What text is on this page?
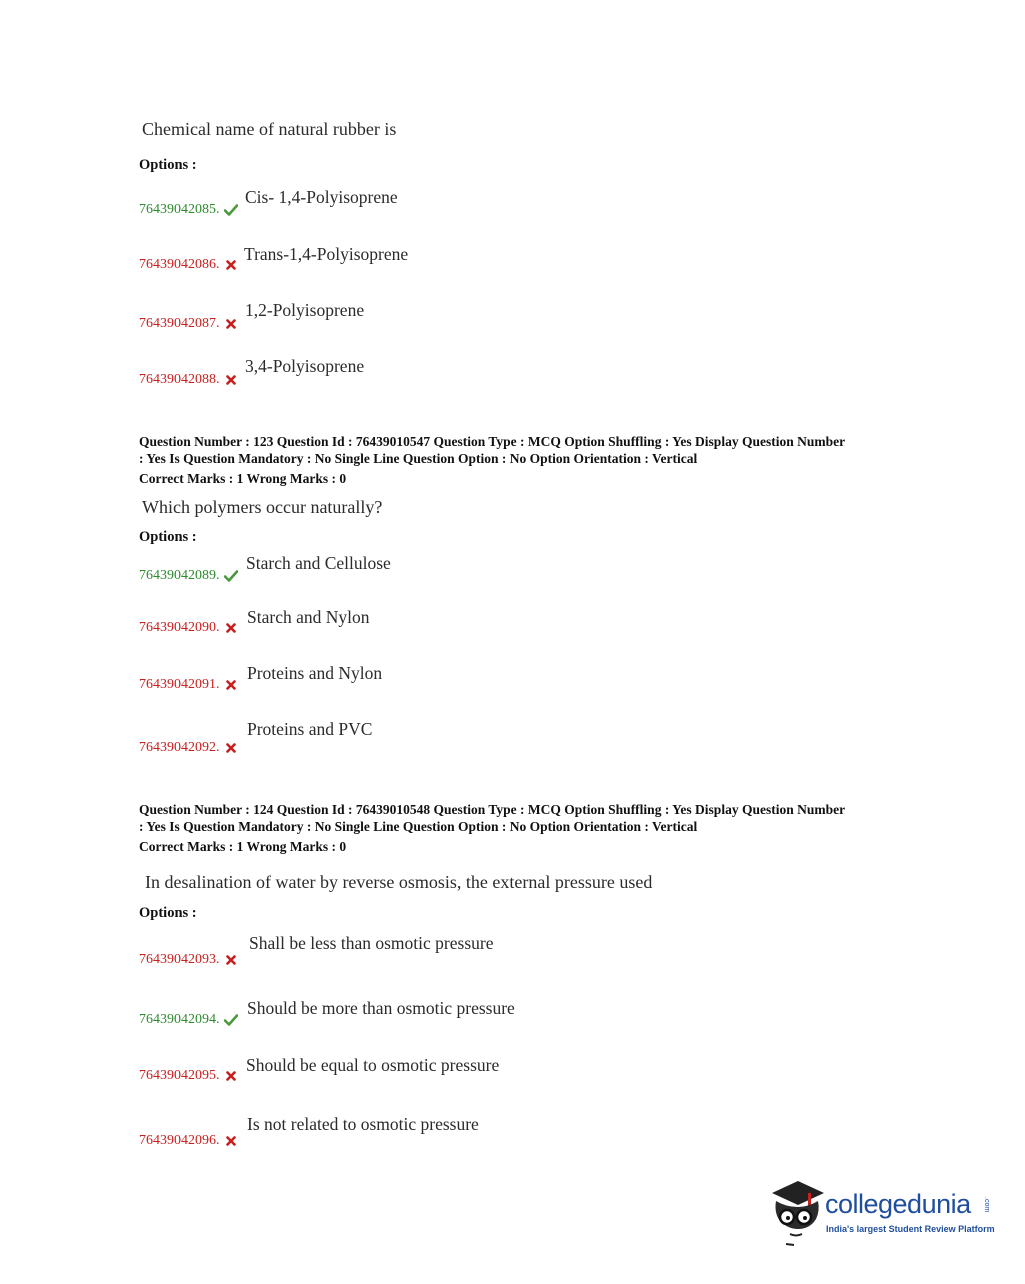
Chemical name of natural rubber is
Options :
76439042085.
Cis- 1,4-Polyisoprene
76439042086.
Trans-1,4-Polyisoprene
76439042087.
1,2-Polyisoprene
76439042088.
3,4-Polyisoprene
Question Number : 123 Question Id : 76439010547 Question Type : MCQ Option Shuffling : Yes Display Question Number
: Yes Is Question Mandatory : No Single Line Question Option : No Option Orientation : Vertical
Correct Marks : 1 Wrong Marks : 0
Which polymers occur naturally?
Options :
76439042089.
Starch and Cellulose
76439042090.
Starch and Nylon
76439042091.
Proteins and Nylon
76439042092.
Proteins and PVC
Question Number : 124 Question Id : 76439010548 Question Type : MCQ Option Shuffling : Yes Display Question Number
: Yes Is Question Mandatory : No Single Line Question Option : No Option Orientation : Vertical
Correct Marks : 1 Wrong Marks : 0
In desalination of water by reverse osmosis, the external pressure used
Options :
76439042093.
Shall be less than osmotic pressure
76439042094.
Should be more than osmotic pressure
76439042095.
Should be equal to osmotic pressure
76439042096.
Is not related to osmotic pressure
collegedunia .com
India's largest Student Review Platform
